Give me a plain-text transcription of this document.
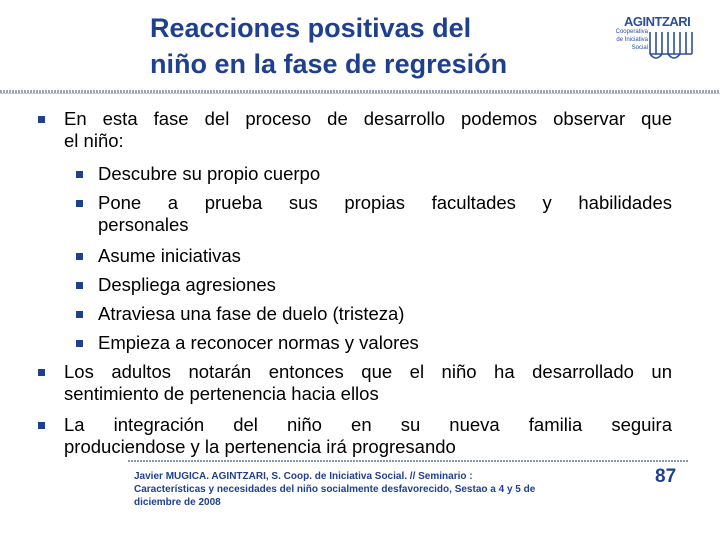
Reacciones positivas del
niño en la fase de regresión
AGINTZARI
Cooperativa
de Iniciativa
Social
En esta fase del proceso de desarrollo podemos observar que
el niño:
Descubre su propio cuerpo
Pone a prueba sus propias facultades y habilidades
personales
Asume iniciativas
Despliega agresiones
Atraviesa una fase de duelo (tristeza)
Empieza a reconocer normas y valores
Los adultos notarán entonces que el niño ha desarrollado un
sentimiento de pertenencia hacia ellos
La integración del niño en su nueva familia seguira
produciendose y la pertenencia irá progresando
Javier MUGICA. AGINTZARI, S. Coop. de Iniciativa Social. // Seminario :
Características y necesidades del niño socialmente desfavorecido, Sestao a 4 y 5 de
diciembre de 2008
87
